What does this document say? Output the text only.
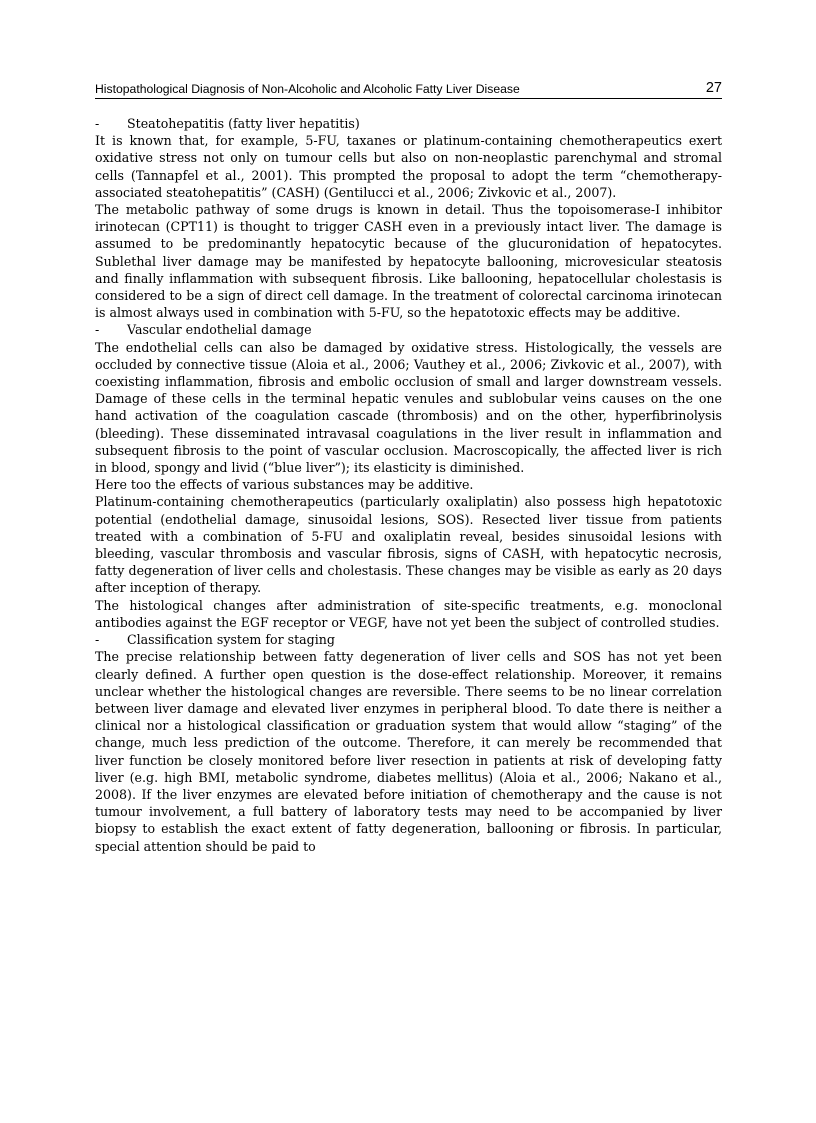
Histopathological Diagnosis of Non-Alcoholic and Alcoholic Fatty Liver Disease	27
-	Steatohepatitis (fatty liver hepatitis)

It is known that, for example, 5-FU, taxanes or platinum-containing chemotherapeutics exert oxidative stress not only on tumour cells but also on non-neoplastic parenchymal and stromal cells (Tannapfel et al., 2001). This prompted the proposal to adopt the term “chemotherapy-associated steatohepatitis” (CASH) (Gentilucci et al., 2006; Zivkovic et al., 2007).

The metabolic pathway of some drugs is known in detail. Thus the topoisomerase-I inhibitor irinotecan (CPT11) is thought to trigger CASH even in a previously intact liver. The damage is assumed to be predominantly hepatocytic because of the glucuronidation of hepatocytes. Sublethal liver damage may be manifested by hepatocyte ballooning, microvesicular steatosis and finally inflammation with subsequent fibrosis. Like ballooning, hepatocellular cholestasis is considered to be a sign of direct cell damage. In the treatment of colorectal carcinoma irinotecan is almost always used in combination with 5-FU, so the hepatotoxic effects may be additive.

-	Vascular endothelial damage

The endothelial cells can also be damaged by oxidative stress. Histologically, the vessels are occluded by connective tissue (Aloia et al., 2006; Vauthey et al., 2006; Zivkovic et al., 2007), with coexisting inflammation, fibrosis and embolic occlusion of small and larger downstream vessels. Damage of these cells in the terminal hepatic venules and sublobular veins causes on the one hand activation of the coagulation cascade (thrombosis) and on the other, hyperfibrinolysis (bleeding). These disseminated intravasal coagulations in the liver result in inflammation and subsequent fibrosis to the point of vascular occlusion. Macroscopically, the affected liver is rich in blood, spongy and livid (“blue liver”); its elasticity is diminished.

Here too the effects of various substances may be additive.

Platinum-containing chemotherapeutics (particularly oxaliplatin) also possess high hepatotoxic potential (endothelial damage, sinusoidal lesions, SOS). Resected liver tissue from patients treated with a combination of 5-FU and oxaliplatin reveal, besides sinusoidal lesions with bleeding, vascular thrombosis and vascular fibrosis, signs of CASH, with hepatocytic necrosis, fatty degeneration of liver cells and cholestasis. These changes may be visible as early as 20 days after inception of therapy.

The histological changes after administration of site-specific treatments, e.g. monoclonal antibodies against the EGF receptor or VEGF, have not yet been the subject of controlled studies.

-	Classification system for staging

The precise relationship between fatty degeneration of liver cells and SOS has not yet been clearly defined. A further open question is the dose-effect relationship. Moreover, it remains unclear whether the histological changes are reversible. There seems to be no linear correlation between liver damage and elevated liver enzymes in peripheral blood. To date there is neither a clinical nor a histological classification or graduation system that would allow “staging” of the change, much less prediction of the outcome. Therefore, it can merely be recommended that liver function be closely monitored before liver resection in patients at risk of developing fatty liver (e.g. high BMI, metabolic syndrome, diabetes mellitus) (Aloia et al., 2006; Nakano et al., 2008). If the liver enzymes are elevated before initiation of chemotherapy and the cause is not tumour involvement, a full battery of laboratory tests may need to be accompanied by liver biopsy to establish the exact extent of fatty degeneration, ballooning or fibrosis. In particular, special attention should be paid to
